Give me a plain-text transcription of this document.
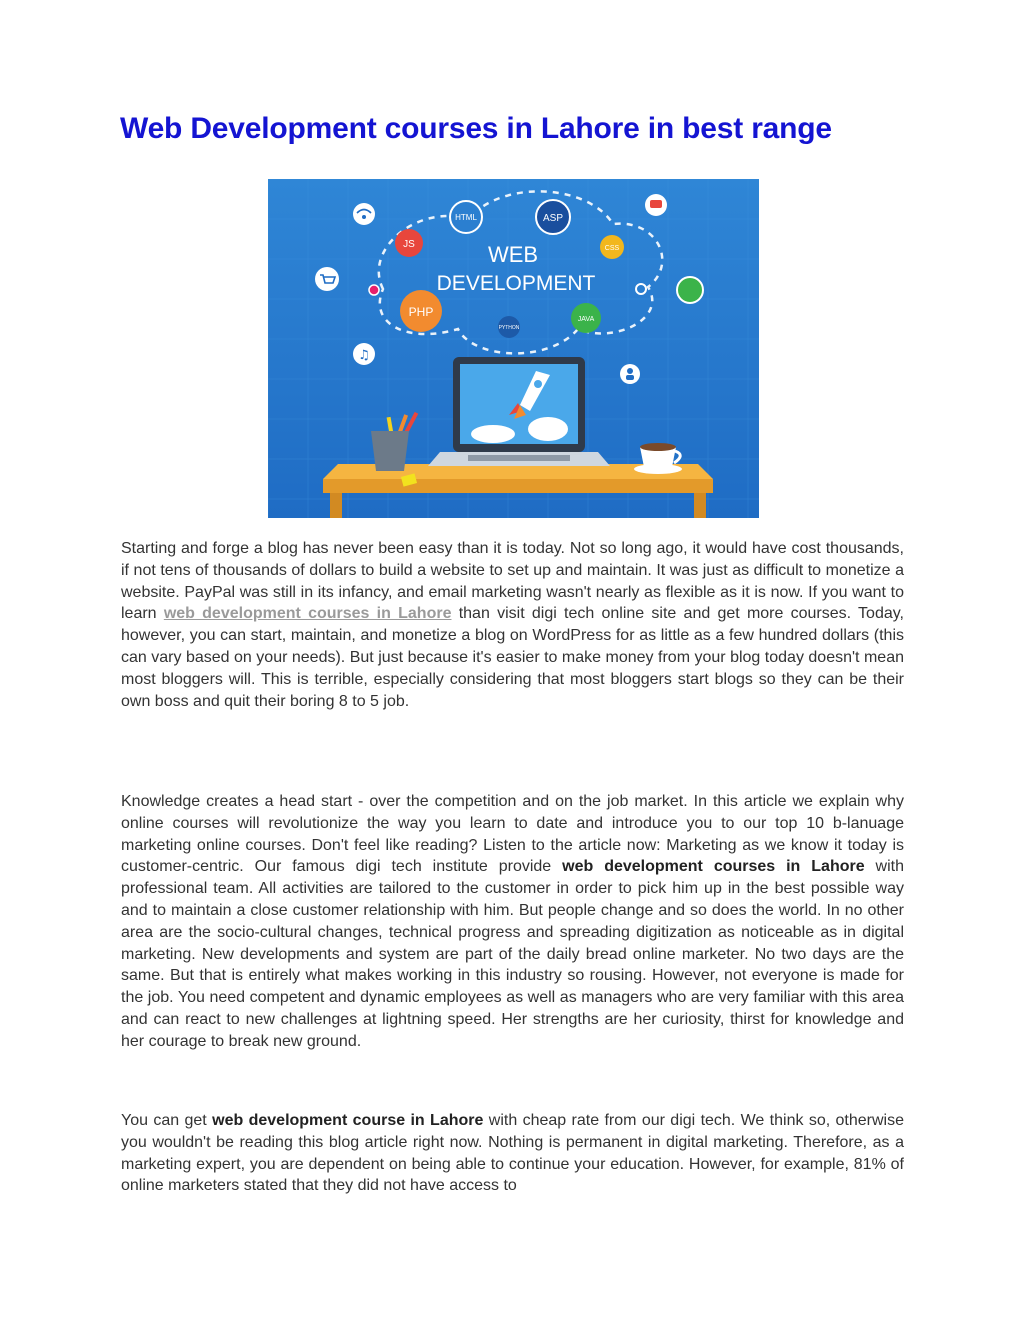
Web Development courses in Lahore in best range
WEB
DEVELOPMENT
HTML	ASP
JS	CSS
PHP
JAVA
PYTHON
♫

Starting and forge a blog has never been easy than it is today. Not so long ago, it would have cost thousands, if not tens of thousands of dollars to build a website to set up and maintain. It was just as difficult to monetize a website. PayPal was still in its infancy, and email marketing wasn't nearly as flexible as it is now. If you want to learn web development courses in Lahore than visit digi tech online site and get more courses. Today, however, you can start, maintain, and monetize a blog on WordPress for as little as a few hundred dollars (this can vary based on your needs). But just because it's easier to make money from your blog today doesn't mean most bloggers will. This is terrible, especially considering that most bloggers start blogs so they can be their own boss and quit their boring 8 to 5 job.

Knowledge creates a head start - over the competition and on the job market. In this article we explain why online courses will revolutionize the way you learn to date and introduce you to our top 10 b-lanuage marketing online courses. Don't feel like reading? Listen to the article now: Marketing as we know it today is customer-centric. Our famous digi tech institute provide web development courses in Lahore with professional team. All activities are tailored to the customer in order to pick him up in the best possible way and to maintain a close customer relationship with him. But people change and so does the world. In no other area are the socio-cultural changes, technical progress and spreading digitization as noticeable as in digital marketing. New developments and system are part of the daily bread online marketer. No two days are the same. But that is entirely what makes working in this industry so rousing. However, not everyone is made for the job. You need competent and dynamic employees as well as managers who are very familiar with this area and can react to new challenges at lightning speed. Her strengths are her curiosity, thirst for knowledge and her courage to break new ground.

You can get web development course in Lahore with cheap rate from our digi tech. We think so, otherwise you wouldn't be reading this blog article right now. Nothing is permanent in digital marketing. Therefore, as a marketing expert, you are dependent on being able to continue your education. However, for example, 81% of online marketers stated that they did not have access to
